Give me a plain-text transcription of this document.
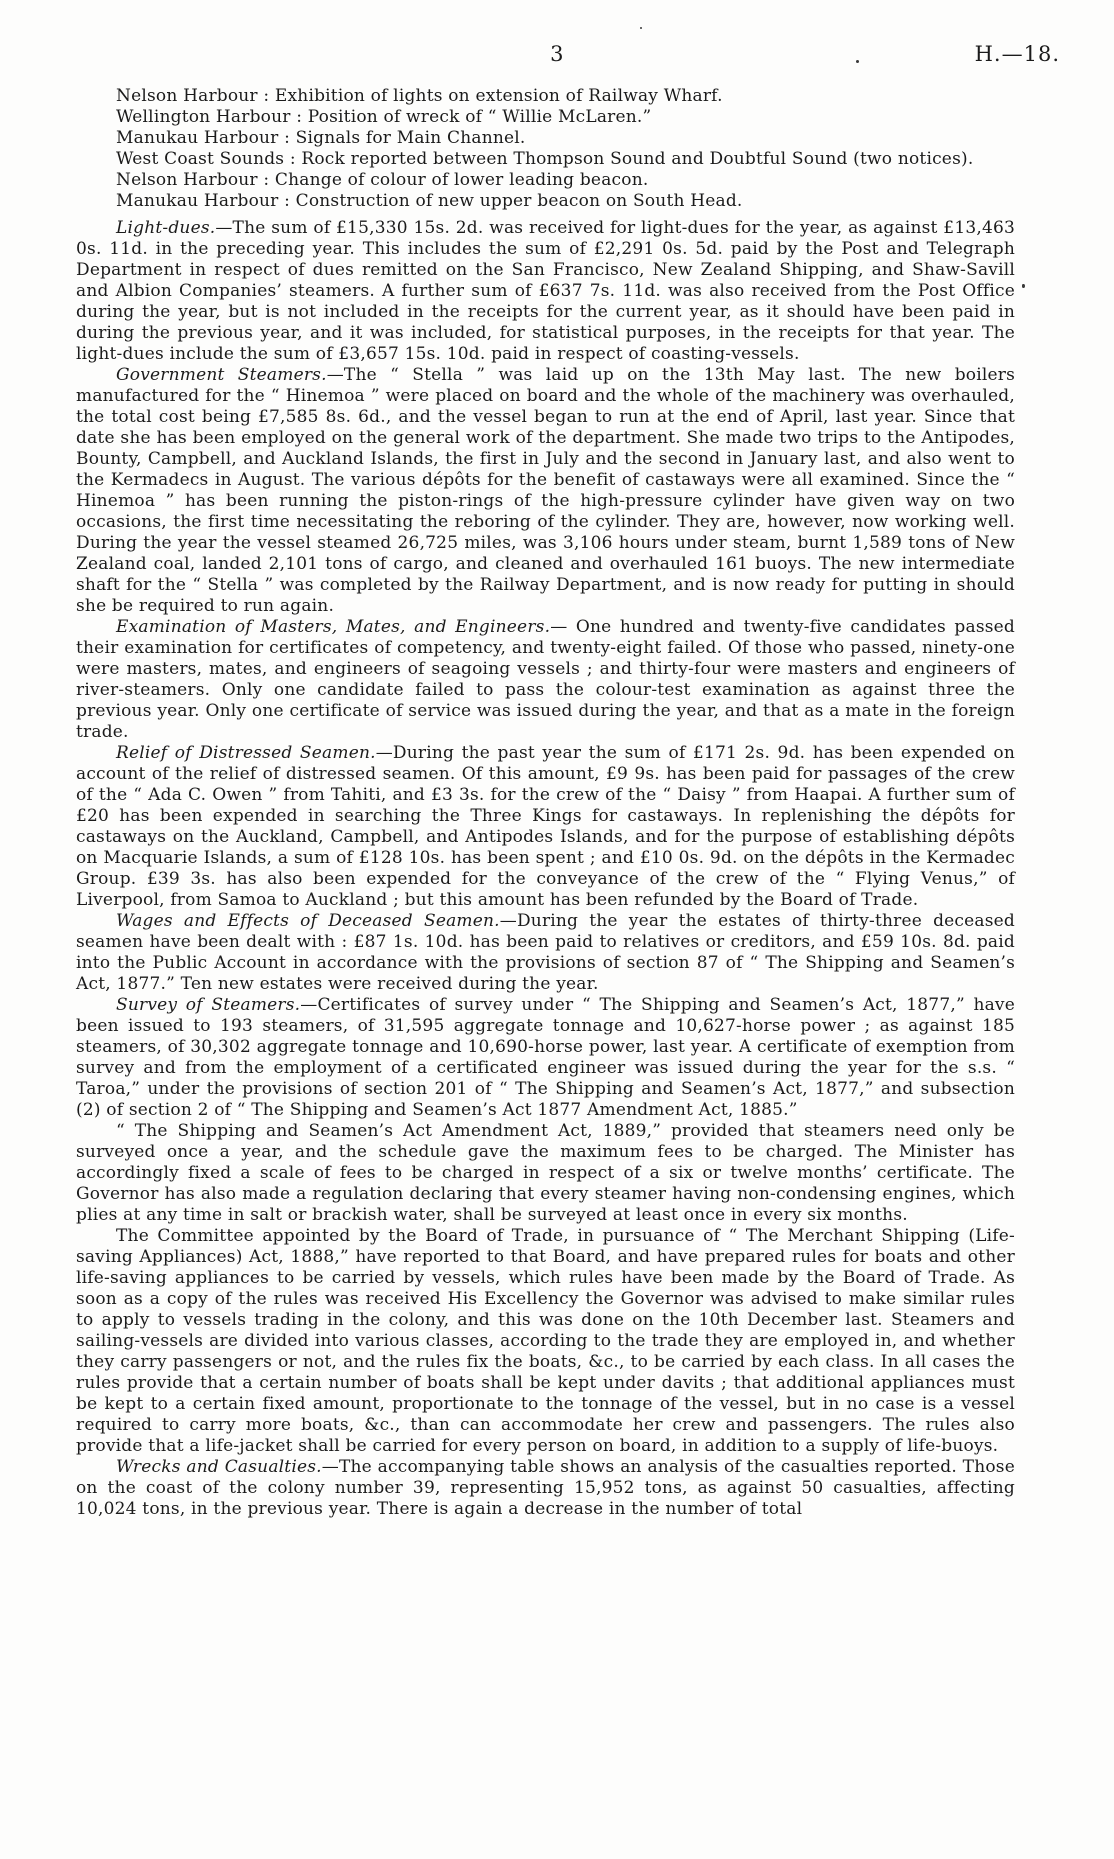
3	H.—18.

Nelson Harbour : Exhibition of lights on extension of Railway Wharf.

Wellington Harbour : Position of wreck of “ Willie McLaren.”

Manukau Harbour : Signals for Main Channel.

West Coast Sounds : Rock reported between Thompson Sound and Doubtful Sound (two notices).

Nelson Harbour : Change of colour of lower leading beacon.

Manukau Harbour : Construction of new upper beacon on South Head.

Light-dues.—The sum of £15,330 15s. 2d. was received for light-dues for the year, as against £13,463 0s. 11d. in the preceding year. This includes the sum of £2,291 0s. 5d. paid by the Post and Telegraph Department in respect of dues remitted on the San Francisco, New Zealand Shipping, and Shaw-Savill and Albion Companies’ steamers. A further sum of £637 7s. 11d. was also received from the Post Office during the year, but is not included in the receipts for the current year, as it should have been paid in during the previous year, and it was included, for statistical purposes, in the receipts for that year. The light-dues include the sum of £3,657 15s. 10d. paid in respect of coasting-vessels.

Government Steamers.—The “ Stella ” was laid up on the 13th May last. The new boilers manufactured for the “ Hinemoa ” were placed on board and the whole of the machinery was overhauled, the total cost being £7,585 8s. 6d., and the vessel began to run at the end of April, last year. Since that date she has been employed on the general work of the department. She made two trips to the Antipodes, Bounty, Campbell, and Auckland Islands, the first in July and the second in January last, and also went to the Kermadecs in August. The various dépôts for the benefit of castaways were all examined. Since the “ Hinemoa ” has been running the piston-rings of the high-pressure cylinder have given way on two occasions, the first time necessitating the reboring of the cylinder. They are, however, now working well. During the year the vessel steamed 26,725 miles, was 3,106 hours under steam, burnt 1,589 tons of New Zealand coal, landed 2,101 tons of cargo, and cleaned and overhauled 161 buoys. The new intermediate shaft for the “ Stella ” was completed by the Railway Department, and is now ready for putting in should she be required to run again.

Examination of Masters, Mates, and Engineers.— One hundred and twenty-five candidates passed their examination for certificates of competency, and twenty-eight failed. Of those who passed, ninety-one were masters, mates, and engineers of seagoing vessels ; and thirty-four were masters and engineers of river-steamers. Only one candidate failed to pass the colour-test examination as against three the previous year. Only one certificate of service was issued during the year, and that as a mate in the foreign trade.

Relief of Distressed Seamen.—During the past year the sum of £171 2s. 9d. has been expended on account of the relief of distressed seamen. Of this amount, £9 9s. has been paid for passages of the crew of the “ Ada C. Owen ” from Tahiti, and £3 3s. for the crew of the “ Daisy ” from Haapai. A further sum of £20 has been expended in searching the Three Kings for castaways. In replenishing the dépôts for castaways on the Auckland, Campbell, and Antipodes Islands, and for the purpose of establishing dépôts on Macquarie Islands, a sum of £128 10s. has been spent ; and £10 0s. 9d. on the dépôts in the Kermadec Group. £39 3s. has also been expended for the conveyance of the crew of the “ Flying Venus,” of Liverpool, from Samoa to Auckland ; but this amount has been refunded by the Board of Trade.

Wages and Effects of Deceased Seamen.—During the year the estates of thirty-three deceased seamen have been dealt with : £87 1s. 10d. has been paid to relatives or creditors, and £59 10s. 8d. paid into the Public Account in accordance with the provisions of section 87 of “ The Shipping and Seamen’s Act, 1877.” Ten new estates were received during the year.

Survey of Steamers.—Certificates of survey under “ The Shipping and Seamen’s Act, 1877,” have been issued to 193 steamers, of 31,595 aggregate tonnage and 10,627-horse power ; as against 185 steamers, of 30,302 aggregate tonnage and 10,690-horse power, last year. A certificate of exemption from survey and from the employment of a certificated engineer was issued during the year for the s.s. “ Taroa,” under the provisions of section 201 of “ The Shipping and Seamen’s Act, 1877,” and subsection (2) of section 2 of “ The Shipping and Seamen’s Act 1877 Amendment Act, 1885.”

“ The Shipping and Seamen’s Act Amendment Act, 1889,” provided that steamers need only be surveyed once a year, and the schedule gave the maximum fees to be charged. The Minister has accordingly fixed a scale of fees to be charged in respect of a six or twelve months’ certificate. The Governor has also made a regulation declaring that every steamer having non-condensing engines, which plies at any time in salt or brackish water, shall be surveyed at least once in every six months.

The Committee appointed by the Board of Trade, in pursuance of “ The Merchant Shipping (Life-saving Appliances) Act, 1888,” have reported to that Board, and have prepared rules for boats and other life-saving appliances to be carried by vessels, which rules have been made by the Board of Trade. As soon as a copy of the rules was received His Excellency the Governor was advised to make similar rules to apply to vessels trading in the colony, and this was done on the 10th December last. Steamers and sailing-vessels are divided into various classes, according to the trade they are employed in, and whether they carry passengers or not, and the rules fix the boats, &c., to be carried by each class. In all cases the rules provide that a certain number of boats shall be kept under davits ; that additional appliances must be kept to a certain fixed amount, proportionate to the tonnage of the vessel, but in no case is a vessel required to carry more boats, &c., than can accommodate her crew and passengers. The rules also provide that a life-jacket shall be carried for every person on board, in addition to a supply of life-buoys.

Wrecks and Casualties.—The accompanying table shows an analysis of the casualties reported. Those on the coast of the colony number 39, representing 15,952 tons, as against 50 casualties, affecting 10,024 tons, in the previous year. There is again a decrease in the number of total
